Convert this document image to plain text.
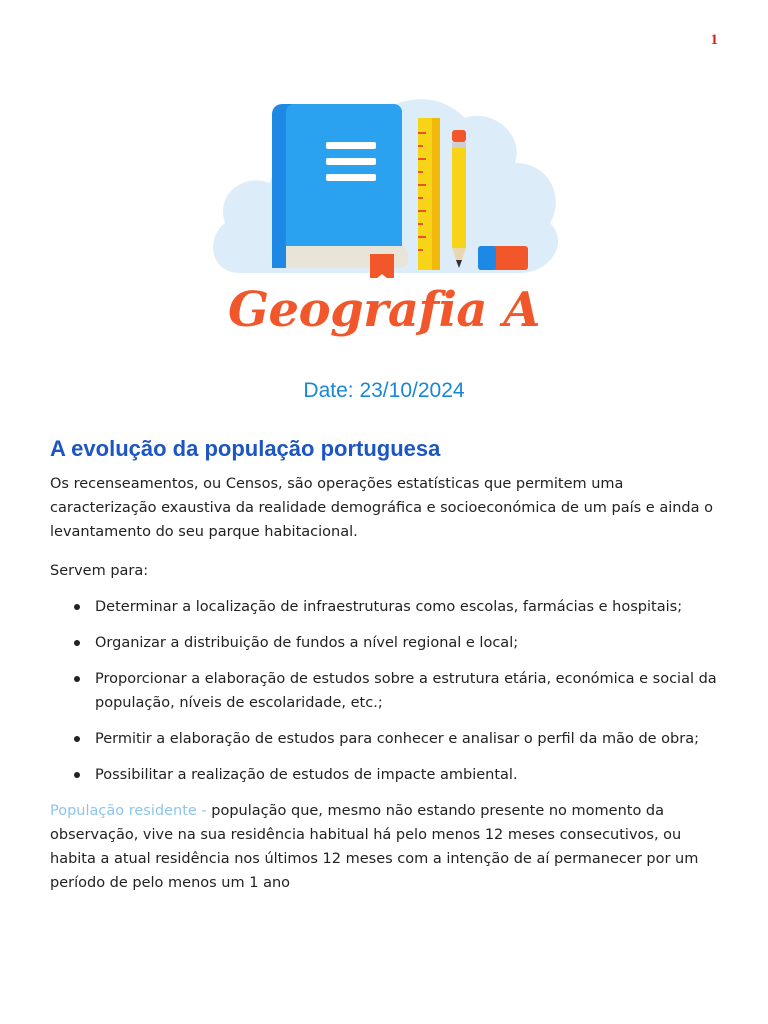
1
Geografia A
Date: 23/10/2024
A evolução da população portuguesa

Os recenseamentos, ou Censos, são operações estatísticas que permitem uma caracterização exaustiva da realidade demográfica e socioeconómica de um país e ainda o levantamento do seu parque habitacional.

Servem para:

Determinar a localização de infraestruturas como escolas, farmácias e hospitais;
Organizar a distribuição de fundos a nível regional e local;
Proporcionar a elaboração de estudos sobre a estrutura etária, económica e social da população, níveis de escolaridade, etc.;
Permitir a elaboração de estudos para conhecer e analisar o perfil da mão de obra;
Possibilitar a realização de estudos de impacte ambiental.

População residente - população que, mesmo não estando presente no momento da observação, vive na sua residência habitual há pelo menos 12 meses consecutivos, ou habita a atual residência nos últimos 12 meses com a intenção de aí permanecer por um período de pelo menos um 1 ano
